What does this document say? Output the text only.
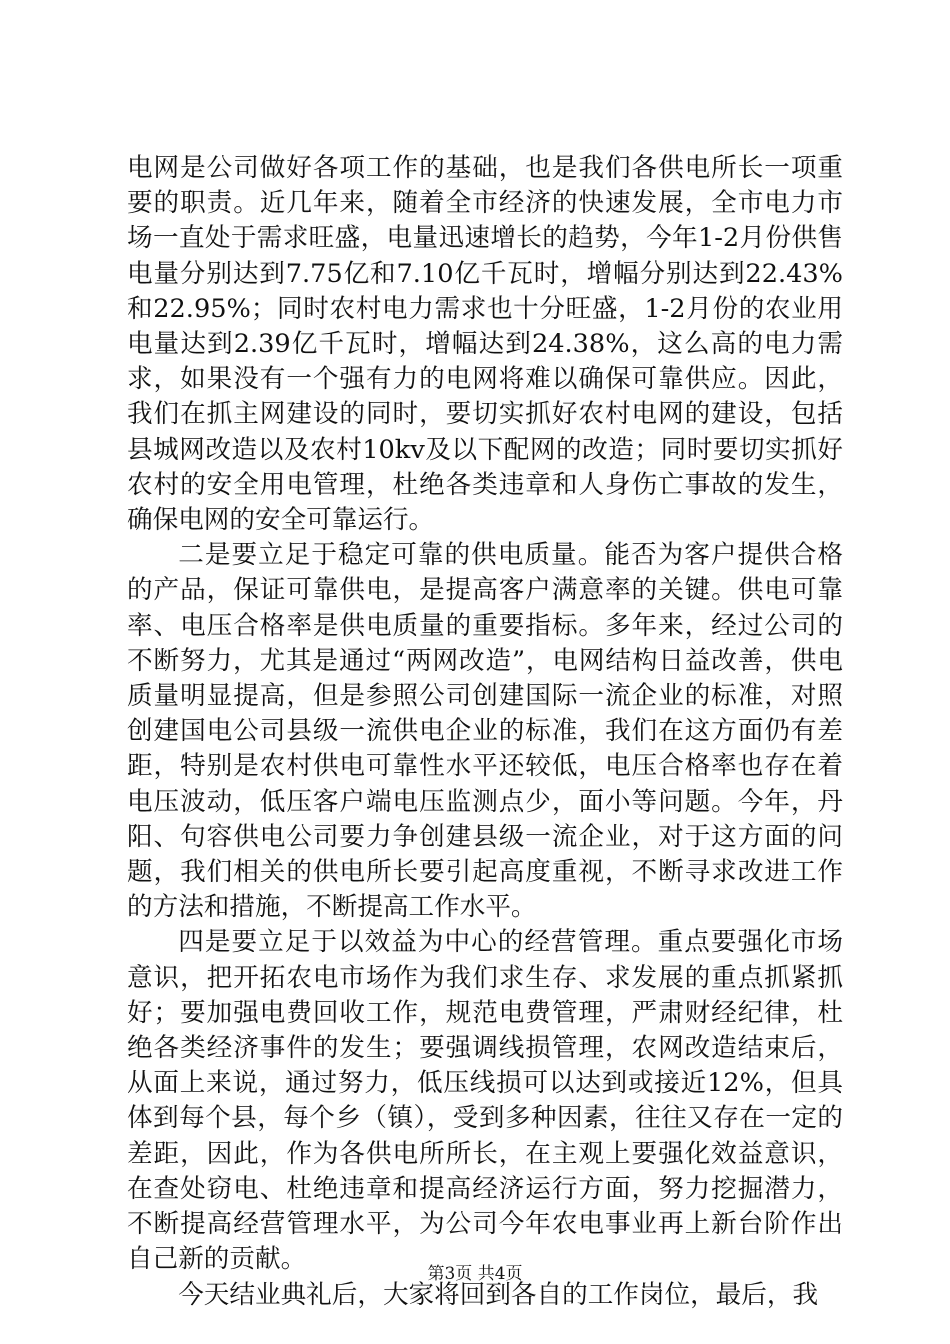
电网是公司做好各项工作的基础，也是我们各供电所长一项重要的职责。近几年来，随着全市经济的快速发展，全市电力市场一直处于需求旺盛，电量迅速增长的趋势，今年1-2月份供售电量分别达到7.75亿和7.10亿千瓦时，增幅分别达到22.43%和22.95%；同时农村电力需求也十分旺盛，1-2月份的农业用电量达到2.39亿千瓦时，增幅达到24.38%，这么高的电力需求，如果没有一个强有力的电网将难以确保可靠供应。因此，我们在抓主网建设的同时，要切实抓好农村电网的建设，包括县城网改造以及农村10kv及以下配网的改造；同时要切实抓好农村的安全用电管理，杜绝各类违章和人身伤亡事故的发生，确保电网的安全可靠运行。

二是要立足于稳定可靠的供电质量。能否为客户提供合格的产品，保证可靠供电，是提高客户满意率的关键。供电可靠率、电压合格率是供电质量的重要指标。多年来，经过公司的不断努力，尤其是通过“两网改造”，电网结构日益改善，供电质量明显提高，但是参照公司创建国际一流企业的标准，对照创建国电公司县级一流供电企业的标准，我们在这方面仍有差距，特别是农村供电可靠性水平还较低，电压合格率也存在着电压波动，低压客户端电压监测点少，面小等问题。今年，丹阳、句容供电公司要力争创建县级一流企业，对于这方面的问题，我们相关的供电所长要引起高度重视，不断寻求改进工作的方法和措施，不断提高工作水平。

四是要立足于以效益为中心的经营管理。重点要强化市场意识，把开拓农电市场作为我们求生存、求发展的重点抓紧抓好；要加强电费回收工作，规范电费管理，严肃财经纪律，杜绝各类经济事件的发生；要强调线损管理，农网改造结束后，从面上来说，通过努力，低压线损可以达到或接近12%，但具体到每个县，每个乡（镇），受到多种因素，往往又存在一定的差距，因此，作为各供电所所长，在主观上要强化效益意识，在查处窃电、杜绝违章和提高经济运行方面，努力挖掘潜力，不断提高经营管理水平，为公司今年农电事业再上新台阶作出自己新的贡献。

今天结业典礼后，大家将回到各自的工作岗位，最后，我

第3页 共4页
